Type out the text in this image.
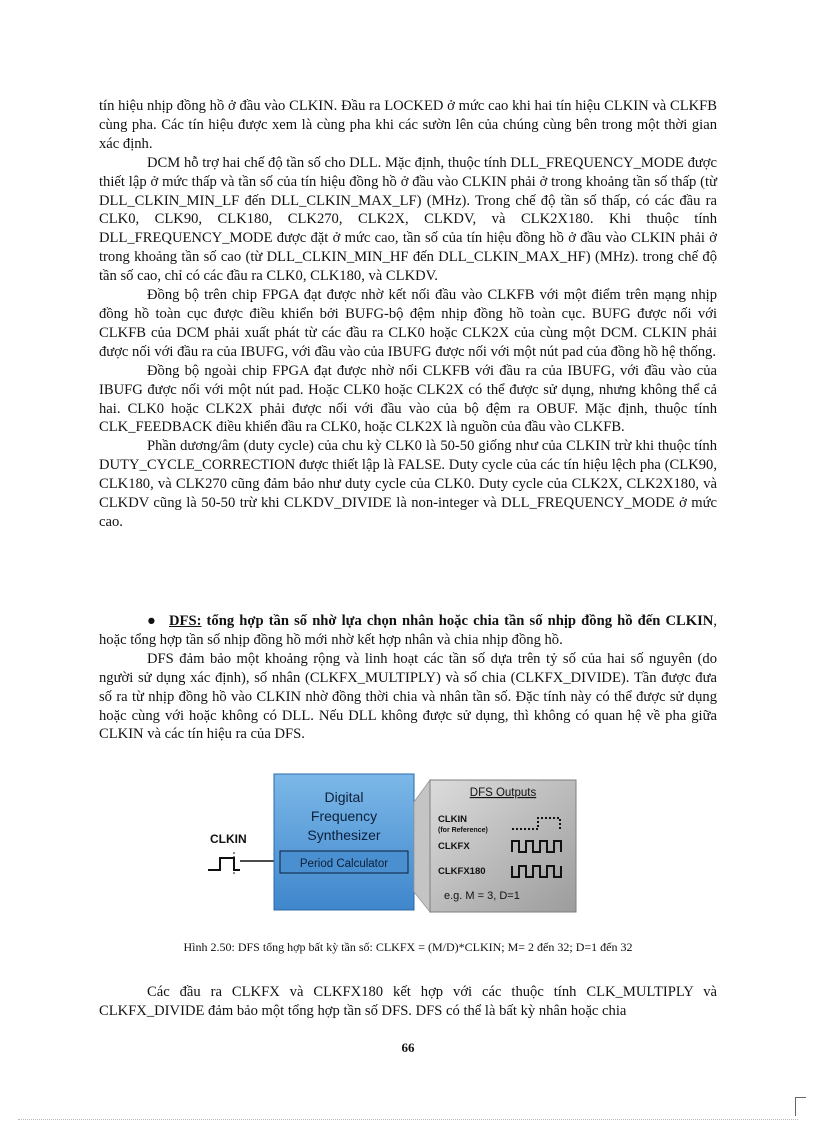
tín hiệu nhịp đồng hồ ở đầu vào CLKIN. Đầu ra LOCKED ở mức cao khi hai tín hiệu CLKIN và CLKFB cùng pha. Các tín hiệu được xem là cùng pha khi các sườn lên của chúng cùng bên trong một thời gian xác định.

DCM hỗ trợ hai chế độ tần số cho DLL. Mặc định, thuộc tính DLL_FREQUENCY_MODE được thiết lập ở mức thấp và tần số của tín hiệu đồng hồ ở đầu vào CLKIN phải ở trong khoảng tần số thấp (từ DLL_CLKIN_MIN_LF đến DLL_CLKIN_MAX_LF) (MHz). Trong chế độ tần số thấp, có các đầu ra CLK0, CLK90, CLK180, CLK270, CLK2X, CLKDV, và CLK2X180. Khi thuộc tính DLL_FREQUENCY_MODE được đặt ở mức cao, tần số của tín hiệu đồng hồ ở đầu vào CLKIN phải ở trong khoảng tần số cao (từ DLL_CLKIN_MIN_HF đến DLL_CLKIN_MAX_HF) (MHz). trong chế độ tần số cao, chỉ có các đầu ra CLK0, CLK180, và CLKDV.

Đồng bộ trên chip FPGA đạt được nhờ kết nối đầu vào CLKFB với một điểm trên mạng nhịp đồng hồ toàn cục được điều khiển bởi BUFG-bộ đệm nhịp đồng hồ toàn cục. BUFG được nối với CLKFB của DCM phải xuất phát từ các đầu ra CLK0 hoặc CLK2X của cùng một DCM. CLKIN phải được nối với đầu ra của IBUFG, với đầu vào của IBUFG được nối với một nút pad của đồng hồ hệ thống.

Đồng bộ ngoài chip FPGA đạt được nhờ nối CLKFB với đầu ra của IBUFG, với đầu vào của IBUFG được nối với một nút pad. Hoặc CLK0 hoặc CLK2X có thể được sử dụng, nhưng không thể cả hai. CLK0 hoặc CLK2X phải được nối với đầu vào của bộ đệm ra OBUF. Mặc định, thuộc tính CLK_FEEDBACK điều khiển đầu ra CLK0, hoặc CLK2X là nguồn của đầu vào CLKFB.

Phần dương/âm (duty cycle) của chu kỳ CLK0 là 50-50 giống như của CLKIN trừ khi thuộc tính DUTY_CYCLE_CORRECTION được thiết lập là FALSE. Duty cycle của các tín hiệu lệch pha (CLK90, CLK180, và CLK270 cũng đảm bảo như duty cycle của CLK0. Duty cycle của CLK2X, CLK2X180, và CLKDV cũng là 50-50 trừ khi CLKDV_DIVIDE là non-integer và DLL_FREQUENCY_MODE ở mức cao.

● DFS: tổng hợp tần số nhờ lựa chọn nhân hoặc chia tần số nhịp đồng hồ đến CLKIN, hoặc tổng hợp tần số nhịp đồng hồ mới nhờ kết hợp nhân và chia nhịp đồng hồ.

DFS đảm bảo một khoảng rộng và linh hoạt các tần số dựa trên tỷ số của hai số nguyên (do người sử dụng xác định), số nhân (CLKFX_MULTIPLY) và số chia (CLKFX_DIVIDE). Tần được đưa số ra từ nhịp đồng hồ vào CLKIN nhờ đồng thời chia và nhân tần số. Đặc tính này có thể được sử dụng hoặc cùng với hoặc không có DLL. Nếu DLL không được sử dụng, thì không có quan hệ về pha giữa CLKIN và các tín hiệu ra của DFS.

CLKIN
Digital
Frequency
Synthesizer
Period Calculator
DFS Outputs
CLKIN
(for Reference)
CLKFX
CLKFX180
e.g. M = 3, D=1
Hình 2.50: DFS tổng hợp bất kỳ tần số: CLKFX = (M/D)*CLKIN; M= 2 đến 32; D=1 đến 32
Các đầu ra CLKFX và CLKFX180 kết hợp với các thuộc tính CLK_MULTIPLY và CLKFX_DIVIDE đảm bảo một tổng hợp tần số DFS. DFS có thể là bất kỳ nhân hoặc chia
66
